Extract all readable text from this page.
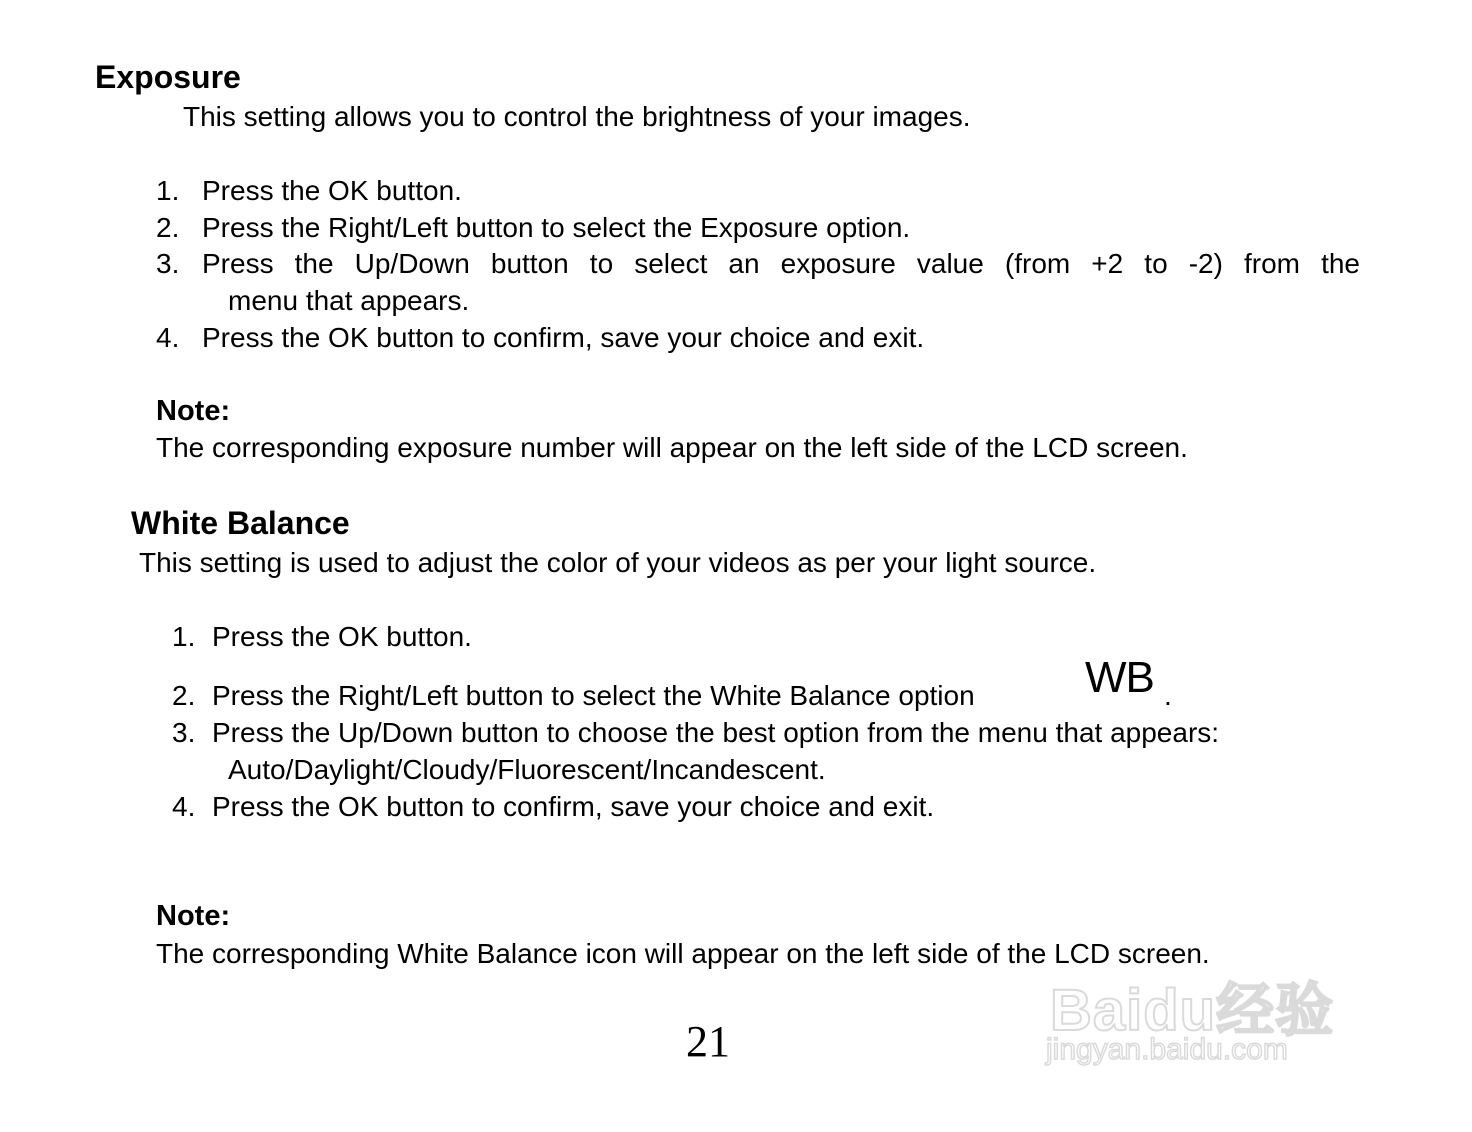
Exposure
This setting allows you to control the brightness of your images.
1. Press the OK button.
2. Press the Right/Left button to select the Exposure option.
3. Press the Up/Down button to select an exposure value (from +2 to -2) from the
menu that appears.
4. Press the OK button to confirm, save your choice and exit.
Note:
The corresponding exposure number will appear on the left side of the LCD screen.
White Balance
This setting is used to adjust the color of your videos as per your light source.
1. Press the OK button.
2. Press the Right/Left button to select the White Balance option	WB .
3. Press the Up/Down button to choose the best option from the menu that appears:
Auto/Daylight/Cloudy/Fluorescent/Incandescent.
4. Press the OK button to confirm, save your choice and exit.
Note:
The corresponding White Balance icon will appear on the left side of the LCD screen.
21	Baidu经验
jingyan.baidu.com
